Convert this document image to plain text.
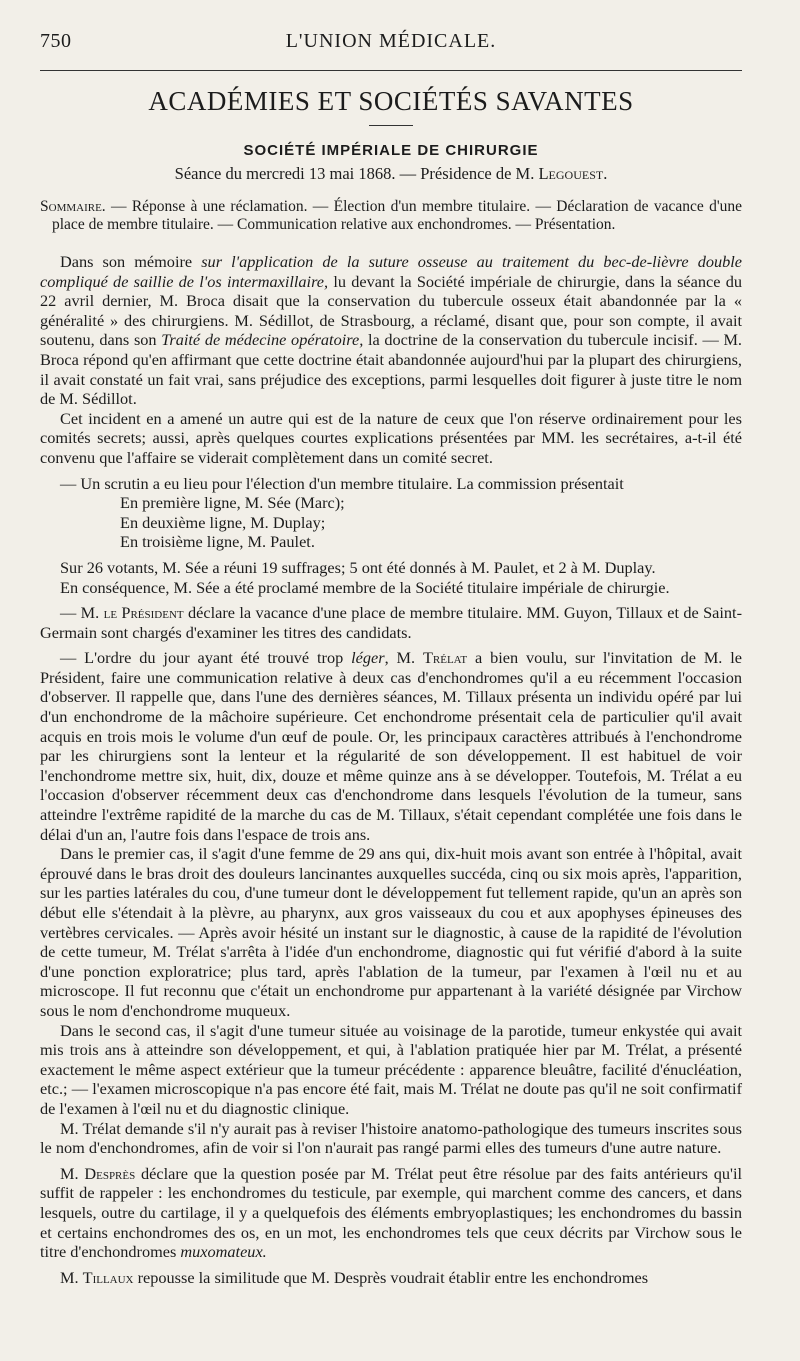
750	L'UNION MÉDICALE.
ACADÉMIES ET SOCIÉTÉS SAVANTES
SOCIÉTÉ IMPÉRIALE DE CHIRURGIE
Séance du mercredi 13 mai 1868. — Présidence de M. Legouest.
Sommaire. — Réponse à une réclamation. — Élection d'un membre titulaire. — Déclaration de vacance d'une place de membre titulaire. — Communication relative aux enchondromes. — Présentation.

Dans son mémoire sur l'application de la suture osseuse au traitement du bec-de-lièvre double compliqué de saillie de l'os intermaxillaire, lu devant la Société impériale de chirurgie, dans la séance du 22 avril dernier, M. Broca disait que la conservation du tubercule osseux était abandonnée par la « généralité » des chirurgiens. M. Sédillot, de Strasbourg, a réclamé, disant que, pour son compte, il avait soutenu, dans son Traité de médecine opératoire, la doctrine de la conservation du tubercule incisif. — M. Broca répond qu'en affirmant que cette doctrine était abandonnée aujourd'hui par la plupart des chirurgiens, il avait constaté un fait vrai, sans préjudice des exceptions, parmi lesquelles doit figurer à juste titre le nom de M. Sédillot.

Cet incident en a amené un autre qui est de la nature de ceux que l'on réserve ordinairement pour les comités secrets; aussi, après quelques courtes explications présentées par MM. les secrétaires, a-t-il été convenu que l'affaire se viderait complètement dans un comité secret.

— Un scrutin a eu lieu pour l'élection d'un membre titulaire. La commission présentait

En première ligne, M. Sée (Marc);

En deuxième ligne, M. Duplay;

En troisième ligne, M. Paulet.

Sur 26 votants, M. Sée a réuni 19 suffrages; 5 ont été donnés à M. Paulet, et 2 à M. Duplay.

En conséquence, M. Sée a été proclamé membre de la Société titulaire impériale de chirurgie.

— M. le Président déclare la vacance d'une place de membre titulaire. MM. Guyon, Tillaux et de Saint-Germain sont chargés d'examiner les titres des candidats.

— L'ordre du jour ayant été trouvé trop léger, M. Trélat a bien voulu, sur l'invitation de M. le Président, faire une communication relative à deux cas d'enchondromes qu'il a eu récemment l'occasion d'observer. Il rappelle que, dans l'une des dernières séances, M. Tillaux présenta un individu opéré par lui d'un enchondrome de la mâchoire supérieure. Cet enchondrome présentait cela de particulier qu'il avait acquis en trois mois le volume d'un œuf de poule. Or, les principaux caractères attribués à l'enchondrome par les chirurgiens sont la lenteur et la régularité de son développement. Il est habituel de voir l'enchondrome mettre six, huit, dix, douze et même quinze ans à se développer. Toutefois, M. Trélat a eu l'occasion d'observer récemment deux cas d'enchondrome dans lesquels l'évolution de la tumeur, sans atteindre l'extrême rapidité de la marche du cas de M. Tillaux, s'était cependant complétée une fois dans le délai d'un an, l'autre fois dans l'espace de trois ans.

Dans le premier cas, il s'agit d'une femme de 29 ans qui, dix-huit mois avant son entrée à l'hôpital, avait éprouvé dans le bras droit des douleurs lancinantes auxquelles succéda, cinq ou six mois après, l'apparition, sur les parties latérales du cou, d'une tumeur dont le développement fut tellement rapide, qu'un an après son début elle s'étendait à la plèvre, au pharynx, aux gros vaisseaux du cou et aux apophyses épineuses des vertèbres cervicales. — Après avoir hésité un instant sur le diagnostic, à cause de la rapidité de l'évolution de cette tumeur, M. Trélat s'arrêta à l'idée d'un enchondrome, diagnostic qui fut vérifié d'abord à la suite d'une ponction exploratrice; plus tard, après l'ablation de la tumeur, par l'examen à l'œil nu et au microscope. Il fut reconnu que c'était un enchondrome pur appartenant à la variété désignée par Virchow sous le nom d'enchondrome muqueux.

Dans le second cas, il s'agit d'une tumeur située au voisinage de la parotide, tumeur enkystée qui avait mis trois ans à atteindre son développement, et qui, à l'ablation pratiquée hier par M. Trélat, a présenté exactement le même aspect extérieur que la tumeur précédente : apparence bleuâtre, facilité d'énucléation, etc.; — l'examen microscopique n'a pas encore été fait, mais M. Trélat ne doute pas qu'il ne soit confirmatif de l'examen à l'œil nu et du diagnostic clinique.

M. Trélat demande s'il n'y aurait pas à reviser l'histoire anatomo-pathologique des tumeurs inscrites sous le nom d'enchondromes, afin de voir si l'on n'aurait pas rangé parmi elles des tumeurs d'une autre nature.

M. Desprès déclare que la question posée par M. Trélat peut être résolue par des faits antérieurs qu'il suffit de rappeler : les enchondromes du testicule, par exemple, qui marchent comme des cancers, et dans lesquels, outre du cartilage, il y a quelquefois des éléments embryoplastiques; les enchondromes du bassin et certains enchondromes des os, en un mot, les enchondromes tels que ceux décrits par Virchow sous le titre d'enchondromes muxomateux.

M. Tillaux repousse la similitude que M. Desprès voudrait établir entre les enchondromes
